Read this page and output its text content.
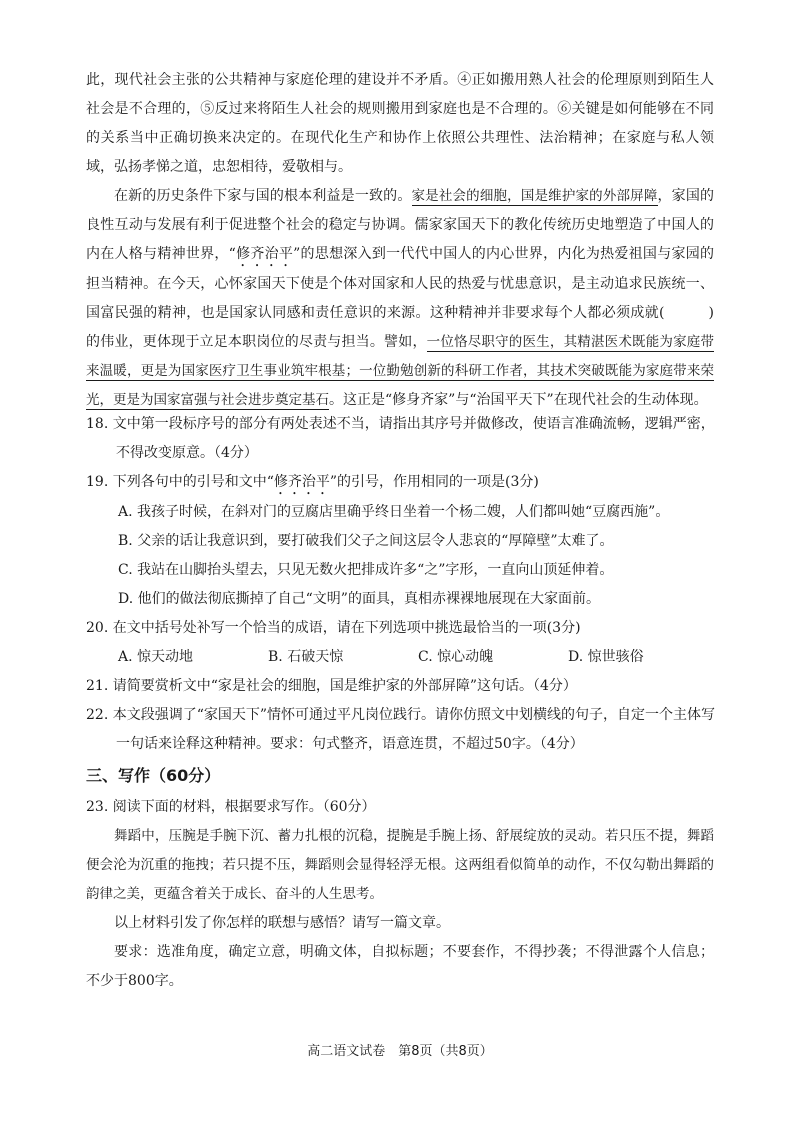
此，现代社会主张的公共精神与家庭伦理的建设并不矛盾。④正如搬用熟人社会的伦理原则到陌生人社会是不合理的，⑤反过来将陌生人社会的规则搬用到家庭也是不合理的。⑥关键是如何能够在不同的关系当中正确切换来决定的。在现代化生产和协作上依照公共理性、法治精神；在家庭与私人领域，弘扬孝悌之道，忠恕相待，爱敬相与。

在新的历史条件下家与国的根本利益是一致的。家是社会的细胞，国是维护家的外部屏障，家国的良性互动与发展有利于促进整个社会的稳定与协调。儒家家国天下的教化传统历史地塑造了中国人的内在人格与精神世界，“修齐治平”的思想深入到一代代中国人的内心世界，内化为热爱祖国与家园的担当精神。在今天，心怀家国天下使是个体对国家和人民的热爱与忧患意识，是主动追求民族统一、国富民强的精神，也是国家认同感和责任意识的来源。这种精神并非要求每个人都必须成就(	)的伟业，更体现于立足本职岗位的尽责与担当。譬如，一位恪尽职守的医生，其精湛医术既能为家庭带来温暖，更是为国家医疗卫生事业筑牢根基；一位勤勉创新的科研工作者，其技术突破既能为家庭带来荣光，更是为国家富强与社会进步奠定基石。这正是“修身齐家”与“治国平天下”在现代社会的生动体现。

18. 文中第一段标序号的部分有两处表述不当，请指出其序号并做修改，使语言准确流畅，逻辑严密，不得改变原意。（4分）

19. 下列各句中的引号和文中“修齐治平”的引号，作用相同的一项是(3分)

A. 我孩子时候，在斜对门的豆腐店里确乎终日坐着一个杨二嫂，人们都叫她“豆腐西施”。

B. 父亲的话让我意识到，要打破我们父子之间这层令人悲哀的“厚障壁”太难了。

C. 我站在山脚抬头望去，只见无数火把排成许多“之”字形，一直向山顶延伸着。

D. 他们的做法彻底撕掉了自己“文明”的面具，真相赤裸裸地展现在大家面前。

20. 在文中括号处补写一个恰当的成语，请在下列选项中挑选最恰当的一项(3分)

A. 惊天动地	B. 石破天惊	C. 惊心动魄	D. 惊世骇俗

21. 请简要赏析文中“家是社会的细胞，国是维护家的外部屏障”这句话。（4分）

22. 本文段强调了“家国天下”情怀可通过平凡岗位践行。请你仿照文中划横线的句子，自定一个主体写一句话来诠释这种精神。要求：句式整齐，语意连贯，不超过50字。（4分）

三、写作（60分）

23. 阅读下面的材料，根据要求写作。（60分）

舞蹈中，压腕是手腕下沉、蓄力扎根的沉稳，提腕是手腕上扬、舒展绽放的灵动。若只压不提，舞蹈便会沦为沉重的拖拽；若只提不压，舞蹈则会显得轻浮无根。这两组看似简单的动作，不仅勾勒出舞蹈的韵律之美，更蕴含着关于成长、奋斗的人生思考。

以上材料引发了你怎样的联想与感悟？请写一篇文章。

要求：选准角度，确定立意，明确文体，自拟标题；不要套作，不得抄袭；不得泄露个人信息；不少于800字。

高二语文试卷　第8页（共8页）
